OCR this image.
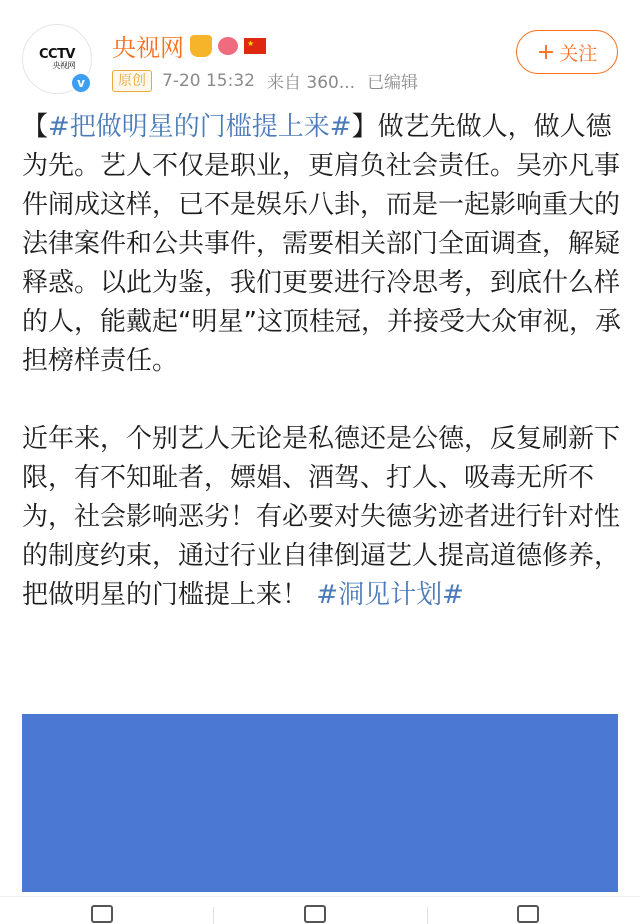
CCTV
央视网
v
央视网
★
原创 7-20 15:32 来自 360... 已编辑
+ 关注

【#把做明星的门槛提上来#】做艺先做人，做人德为先。艺人不仅是职业，更肩负社会责任。吴亦凡事件闹成这样，已不是娱乐八卦，而是一起影响重大的法律案件和公共事件，需要相关部门全面调查，解疑释惑。以此为鉴，我们更要进行冷思考，到底什么样的人，能戴起“明星”这顶桂冠，并接受大众审视，承担榜样责任。

近年来，个别艺人无论是私德还是公德，反复刷新下限，有不知耻者，嫖娼、酒驾、打人、吸毒无所不为，社会影响恶劣！有必要对失德劣迹者进行针对性的制度约束，通过行业自律倒逼艺人提高道德修养，把做明星的门槛提上来！ #洞见计划#
